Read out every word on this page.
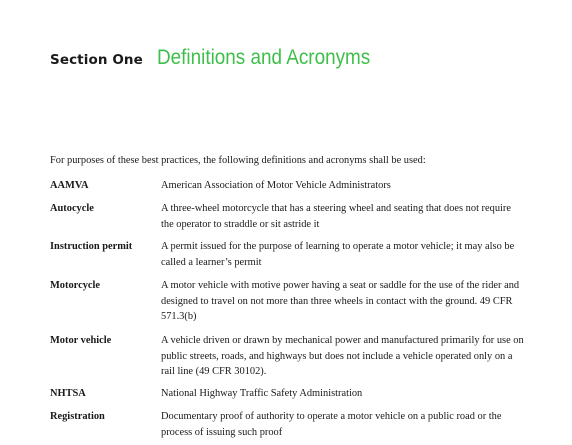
Section One Definitions and Acronyms
For purposes of these best practices, the following definitions and acronyms shall be used:
AAMVA	American Association of Motor Vehicle Administrators
Autocycle	A three-wheel motorcycle that has a steering wheel and seating that does not require the operator to straddle or sit astride it
Instruction permit	A permit issued for the purpose of learning to operate a motor vehicle; it may also be called a learner’s permit
Motorcycle	A motor vehicle with motive power having a seat or saddle for the use of the rider and designed to travel on not more than three wheels in contact with the ground. 49 CFR 571.3(b)
Motor vehicle	A vehicle driven or drawn by mechanical power and manufactured primarily for use on public streets, roads, and highways but does not include a vehicle operated only on a rail line (49 CFR 30102).
NHTSA	National Highway Traffic Safety Administration
Registration	Documentary proof of authority to operate a motor vehicle on a public road or the process of issuing such proof
